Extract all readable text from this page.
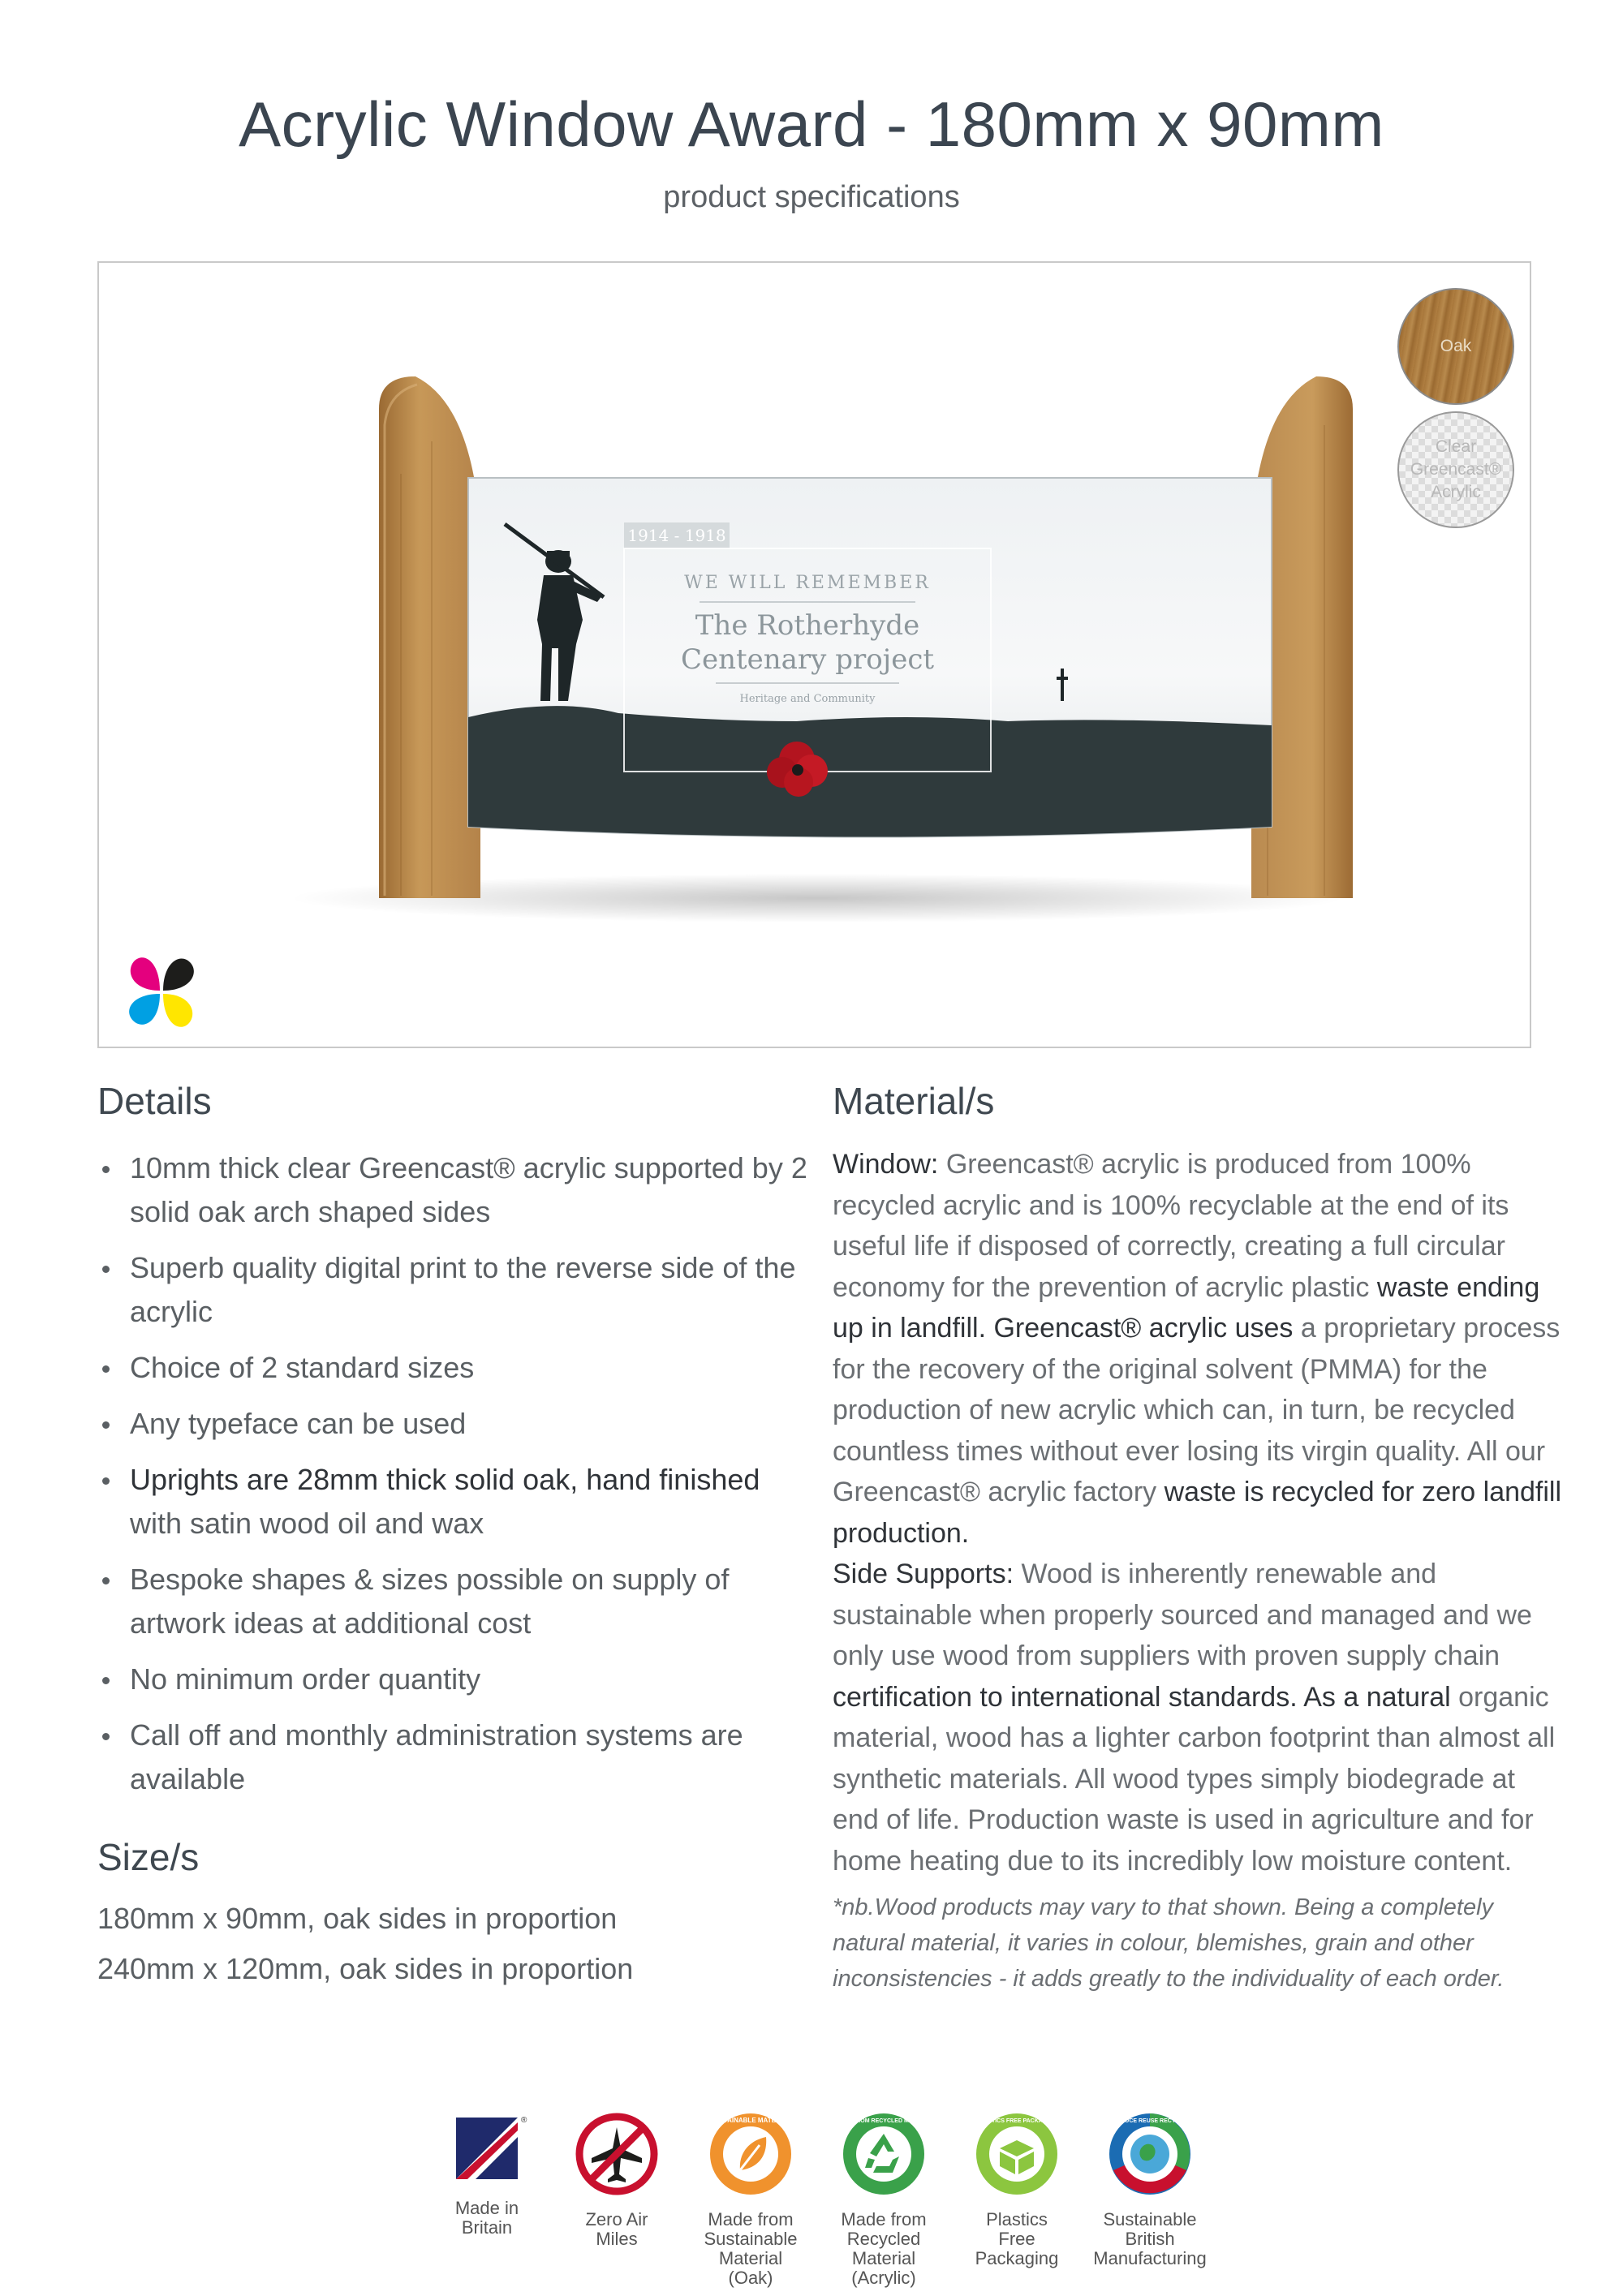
Acrylic Window Award - 180mm x 90mm
product specifications
1914 - 1918
WE WILL REMEMBER
The Rotherhyde
Centenary project
Heritage and Community
Oak
Clear
Greencast®
Acrylic
Details
10mm thick clear Greencast® acrylic supported by 2 solid oak arch shaped sides
Superb quality digital print to the reverse side of the acrylic
Choice of 2 standard sizes
Any typeface can be used
Uprights are 28mm thick solid oak, hand finished
with satin wood oil and wax
Bespoke shapes & sizes possible on supply of artwork ideas at additional cost
No minimum order quantity
Call off and monthly administration systems are available
Size/s

180mm x 90mm, oak sides in proportion

240mm x 120mm, oak sides in proportion

Material/s

Window: Greencast® acrylic is produced from 100% recycled acrylic and is 100% recyclable at the end of its useful life if disposed of correctly, creating a full circular economy for the prevention of acrylic plastic waste ending up in landfill. Greencast® acrylic uses a proprietary process for the recovery of the original solvent (PMMA) for the production of new acrylic which can, in turn, be recycled countless times without ever losing its virgin quality. All our Greencast® acrylic factory waste is recycled for zero landfill production.

Side Supports: Wood is inherently renewable and sustainable when properly sourced and managed and we only use wood from suppliers with proven supply chain certification to international standards. As a natural organic material, wood has a lighter carbon footprint than almost all synthetic materials. All wood types simply biodegrade at end of life. Production waste is used in agriculture and for home heating due to its incredibly low moisture content.

*nb.Wood products may vary to that shown. Being a completely natural material, it varies in colour, blemishes, grain and other inconsistencies - it adds greatly to the individuality of each order.

®
Made in
Britain	Zero Air
Miles
SUSTAINABLE MATERIAL
Made from
Sustainable
Material
(Oak)
MADE FROM RECYCLED MATERIAL
Made from
Recycled
Material
(Acrylic)
PLASTICS FREE PACKAGING
Plastics
Free
Packaging
REDUCE REUSE RECYCLE
Sustainable
British
Manufacturing
